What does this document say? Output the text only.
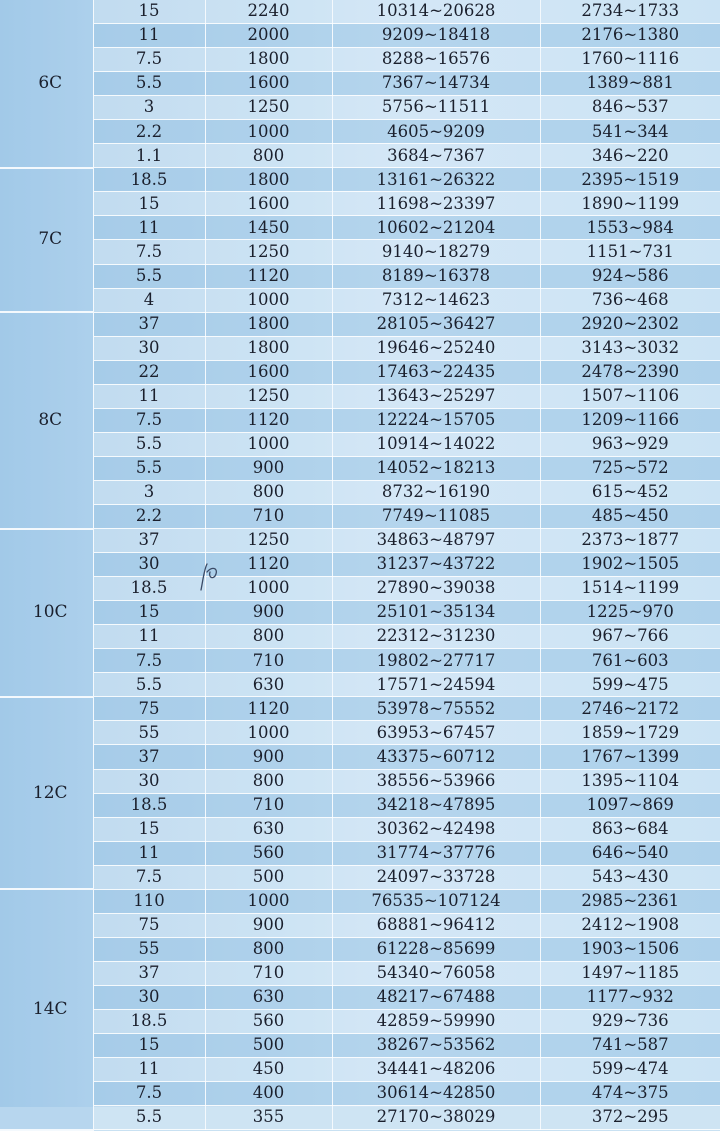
6C	15	2240	10314~20628	2734~1733
	11	2000	9209~18418	2176~1380
	7.5	1800	8288~16576	1760~1116
	5.5	1600	7367~14734	1389~881
	3	1250	5756~11511	846~537
	2.2	1000	4605~9209	541~344
	1.1	800	3684~7367	346~220
7C	18.5	1800	13161~26322	2395~1519
	15	1600	11698~23397	1890~1199
	11	1450	10602~21204	1553~984
	7.5	1250	9140~18279	1151~731
	5.5	1120	8189~16378	924~586
	4	1000	7312~14623	736~468
8C	37	1800	28105~36427	2920~2302
	30	1800	19646~25240	3143~3032
	22	1600	17463~22435	2478~2390
	11	1250	13643~25297	1507~1106
	7.5	1120	12224~15705	1209~1166
	5.5	1000	10914~14022	963~929
	5.5	900	14052~18213	725~572
	3	800	8732~16190	615~452
	2.2	710	7749~11085	485~450
10C	37	1250	34863~48797	2373~1877
	30	1120	31237~43722	1902~1505
	18.5	1000	27890~39038	1514~1199
	15	900	25101~35134	1225~970
	11	800	22312~31230	967~766
	7.5	710	19802~27717	761~603
	5.5	630	17571~24594	599~475
12C	75	1120	53978~75552	2746~2172
	55	1000	63953~67457	1859~1729
	37	900	43375~60712	1767~1399
	30	800	38556~53966	1395~1104
	18.5	710	34218~47895	1097~869
	15	630	30362~42498	863~684
	11	560	31774~37776	646~540
	7.5	500	24097~33728	543~430
14C	110	1000	76535~107124	2985~2361
	75	900	68881~96412	2412~1908
	55	800	61228~85699	1903~1506
	37	710	54340~76058	1497~1185
	30	630	48217~67488	1177~932
	18.5	560	42859~59990	929~736
	15	500	38267~53562	741~587
	11	450	34441~48206	599~474
	7.5	400	30614~42850	474~375
	5.5	355	27170~38029	372~295
